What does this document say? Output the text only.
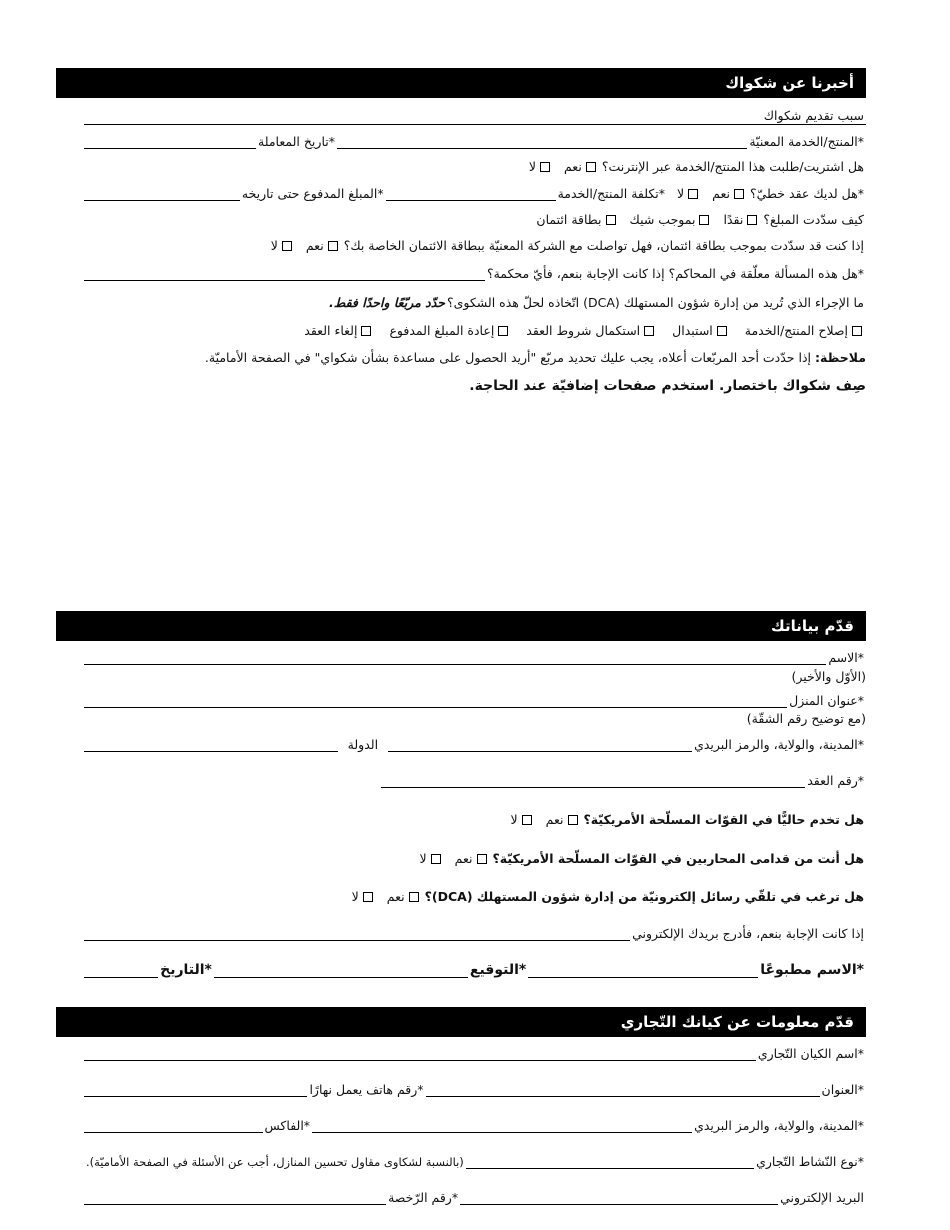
أخبرنا عن شكواك
سبب تقديم شكواك
*المنتج/الخدمة المعنيّة
*تاريخ المعاملة
هل اشتريت/طلبت هذا المنتج/الخدمة عبر الإنترنت؟
نعم
لا
*هل لديك عقد خطيّ؟
نعم
لا
*تكلفة المنتج/الخدمة
*المبلغ المدفوع حتى تاريخه
كيف سدّدت المبلغ؟
نقدًا
بموجب شيك
بطاقة ائتمان
إذا كنت قد سدّدت بموجب بطاقة ائتمان، فهل تواصلت مع الشركة المعنيّة ببطاقة الائتمان الخاصة بك؟
نعم
لا
*هل هذه المسألة معلّقة في المحاكم؟ إذا كانت الإجابة بنعم، فأيّ محكمة؟
ما الإجراء الذي تُريد من إدارة شؤون المستهلك (DCA) اتّخاذه لحلّ هذه الشكوى؟
حدّد مربّعًا واحدًا فقط.
إصلاح المنتج/الخدمة
استبدال
استكمال شروط العقد
إعادة المبلغ المدفوع
إلغاء العقد
ملاحظة:
إذا حدّدت أحد المربّعات أعلاه، يجب عليك تحديد مربّع "أريد الحصول على مساعدة بشأن شكواي" في الصفحة الأماميّة.
صِف شكواك باختصار. استخدم صفحات إضافيّة عند الحاجة.
قدّم بياناتك
*الاسم
(الأوّل والأخير)
*عنوان المنزل
(مع توضيح رقم الشقّة)
*المدينة، والولاية، والرمز البريدي
الدولة
*رقم العقد
هل تخدم حاليًّا في القوّات المسلّحة الأمريكيّة؟
نعم
لا
هل أنت من قدامى المحاربين في القوّات المسلّحة الأمريكيّة؟
نعم
لا
هل ترغب في تلقّي رسائل إلكترونيّة من إدارة شؤون المستهلك (DCA)؟
نعم
لا
إذا كانت الإجابة بنعم، فأدرج بريدك الإلكتروني
*الاسم مطبوعًا
*التوقيع
*التاريخ
قدّم معلومات عن كيانك التّجاري
*اسم الكيان التّجاري
*العنوان
*رقم هاتف يعمل نهارًا
*المدينة، والولاية، والرمز البريدي
*الفاكس
*نوع النّشاط التّجاري
(بالنسبة لشكاوى مقاول تحسين المنازل، أجب عن الأسئلة في الصفحة الأماميّة).
البريد الإلكتروني
*رقم الرّخصة
